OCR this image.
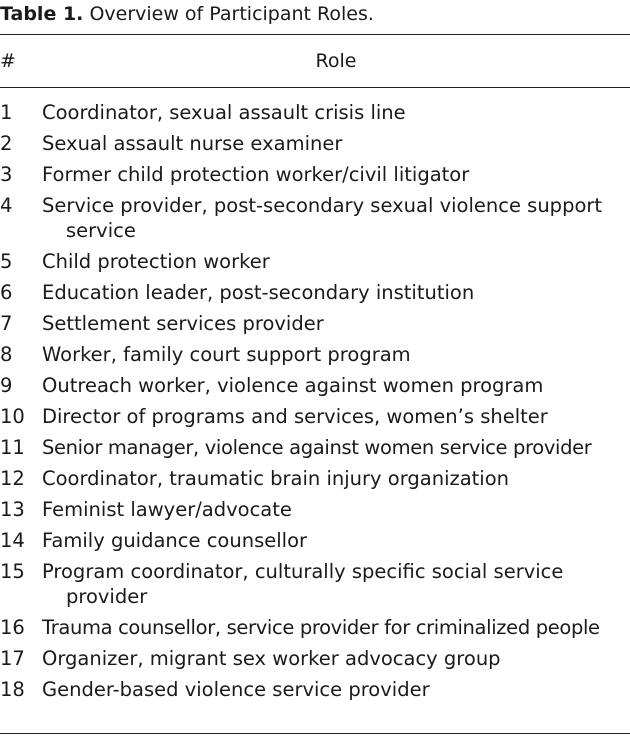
Table 1. Overview of Participant Roles.
#	Role
1	Coordinator, sexual assault crisis line
2	Sexual assault nurse examiner
3	Former child protection worker/civil litigator
4	Service provider, post-secondary sexual violence support service
5	Child protection worker
6	Education leader, post-secondary institution
7	Settlement services provider
8	Worker, family court support program
9	Outreach worker, violence against women program
10 Director of programs and services, women’s shelter
11 Senior manager, violence against women service provider
12 Coordinator, traumatic brain injury organization
13 Feminist lawyer/advocate
14 Family guidance counsellor
15 Program coordinator, culturally specific social service provider
16 Trauma counsellor, service provider for criminalized people
17 Organizer, migrant sex worker advocacy group
18 Gender-based violence service provider
